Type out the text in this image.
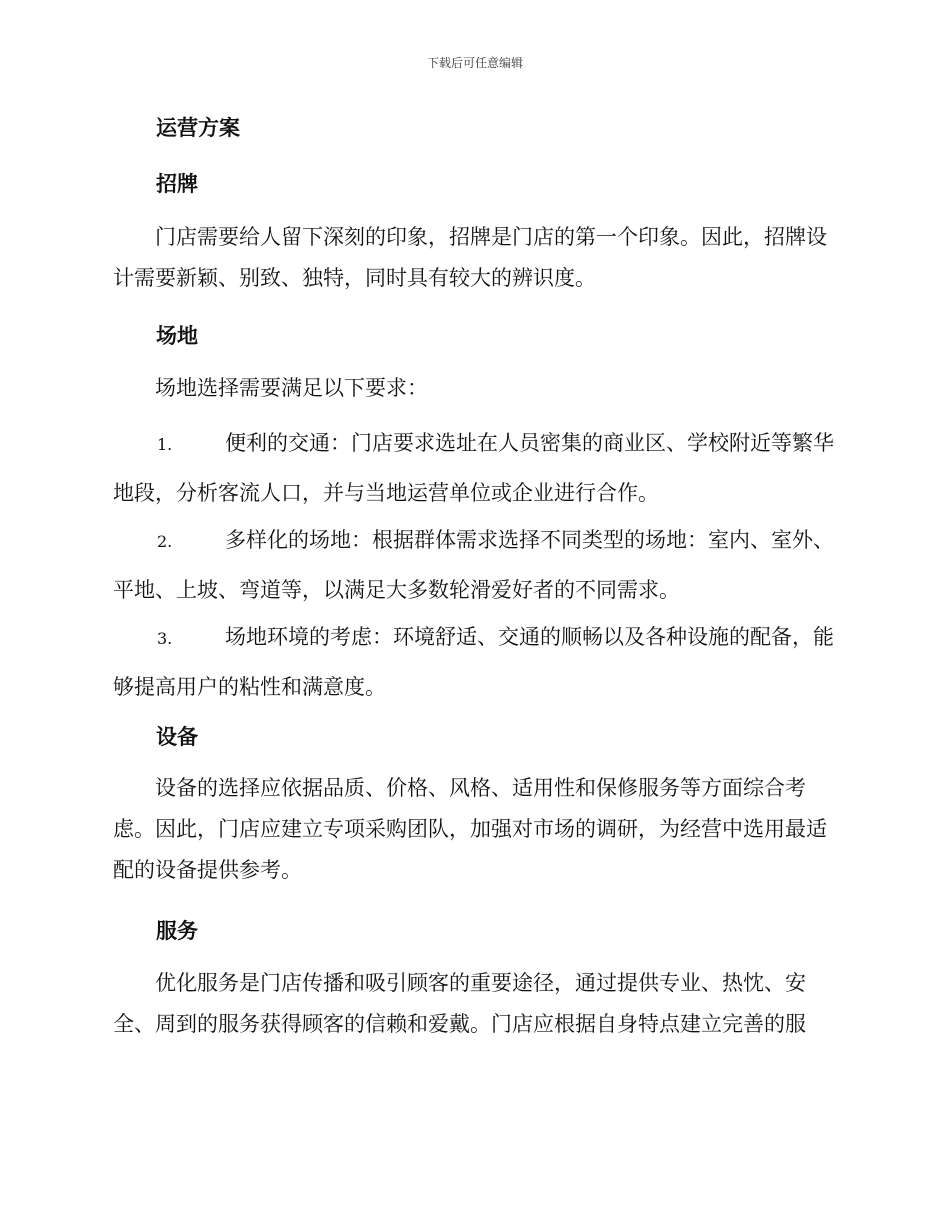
下载后可任意编辑
运营方案
招牌
门店需要给人留下深刻的印象，招牌是门店的第一个印象。因此，招牌设计需要新颖、别致、独特，同时具有较大的辨识度。
场地
场地选择需要满足以下要求：
1.	便利的交通：门店要求选址在人员密集的商业区、学校附近等繁华地段，分析客流人口，并与当地运营单位或企业进行合作。
2.	多样化的场地：根据群体需求选择不同类型的场地：室内、室外、平地、上坡、弯道等，以满足大多数轮滑爱好者的不同需求。
3.	场地环境的考虑：环境舒适、交通的顺畅以及各种设施的配备，能够提高用户的粘性和满意度。
设备
设备的选择应依据品质、价格、风格、适用性和保修服务等方面综合考虑。因此，门店应建立专项采购团队，加强对市场的调研，为经营中选用最适配的设备提供参考。
服务
优化服务是门店传播和吸引顾客的重要途径，通过提供专业、热忱、安全、周到的服务获得顾客的信赖和爱戴。门店应根据自身特点建立完善的服
